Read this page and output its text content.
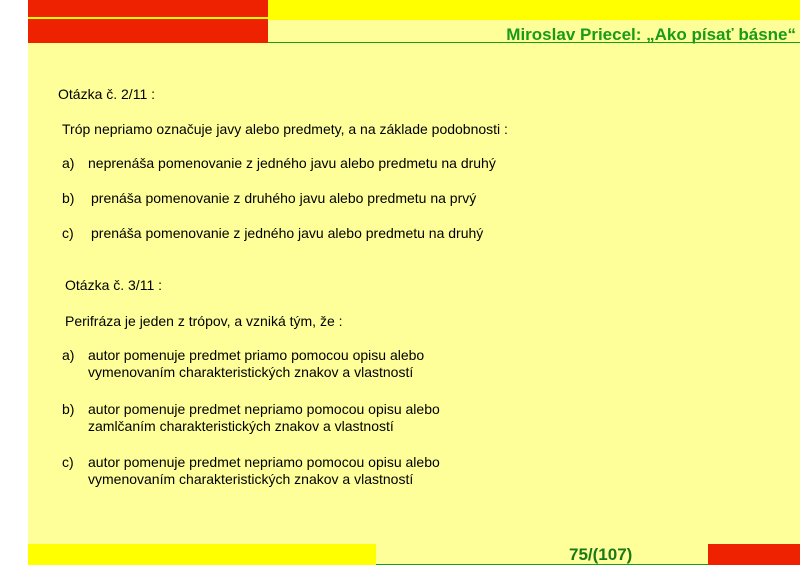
Miroslav Priecel: „Ako písať básne“
Otázka č. 2/11 :
Tróp nepriamo označuje javy alebo predmety, a na základe podobnosti :
a) neprenáša pomenovanie z jedného javu alebo predmetu na druhý
b) prenáša pomenovanie z druhého javu alebo predmetu na prvý
c) prenáša pomenovanie z jedného javu alebo predmetu na druhý
Otázka č. 3/11 :
Perifráza je jeden z trópov, a vzniká tým, že :
a) autor pomenuje predmet priamo pomocou opisu alebo
vymenovaním charakteristických znakov a vlastností
b) autor pomenuje predmet nepriamo pomocou opisu alebo
zamlčaním charakteristických znakov a vlastností
c) autor pomenuje predmet nepriamo pomocou opisu alebo
vymenovaním charakteristických znakov a vlastností
75/(107)
